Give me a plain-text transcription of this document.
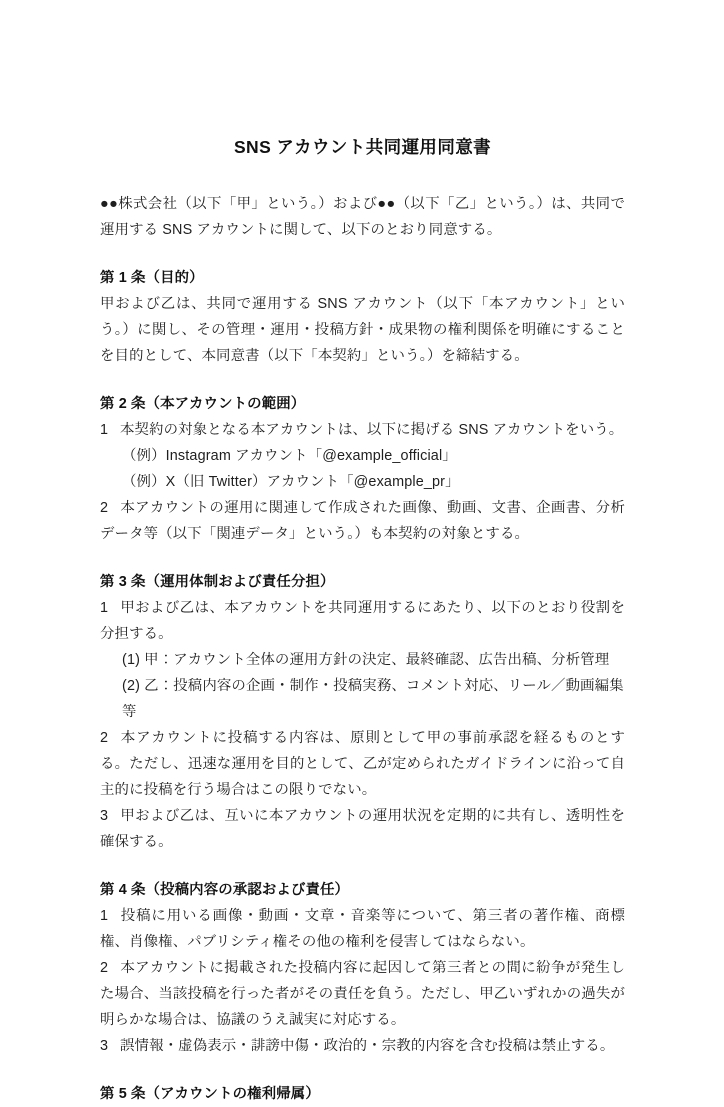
SNS アカウント共同運用同意書

●●株式会社（以下「甲」という。）および●●（以下「乙」という。）は、共同で運用する SNS アカウントに関して、以下のとおり同意する。

第 1 条（目的）

甲および乙は、共同で運用する SNS アカウント（以下「本アカウント」という。）に関し、その管理・運用・投稿方針・成果物の権利関係を明確にすることを目的として、本同意書（以下「本契約」という。）を締結する。

第 2 条（本アカウントの範囲）

1 本契約の対象となる本アカウントは、以下に掲げる SNS アカウントをいう。

（例）Instagram アカウント「@example_official」

（例）X（旧 Twitter）アカウント「@example_pr」

2 本アカウントの運用に関連して作成された画像、動画、文書、企画書、分析データ等（以下「関連データ」という。）も本契約の対象とする。

第 3 条（運用体制および責任分担）

1 甲および乙は、本アカウントを共同運用するにあたり、以下のとおり役割を分担する。

(1) 甲：アカウント全体の運用方針の決定、最終確認、広告出稿、分析管理

(2) 乙：投稿内容の企画・制作・投稿実務、コメント対応、リール／動画編集等

2 本アカウントに投稿する内容は、原則として甲の事前承認を経るものとする。ただし、迅速な運用を目的として、乙が定められたガイドラインに沿って自主的に投稿を行う場合はこの限りでない。

3 甲および乙は、互いに本アカウントの運用状況を定期的に共有し、透明性を確保する。

第 4 条（投稿内容の承認および責任）

1 投稿に用いる画像・動画・文章・音楽等について、第三者の著作権、商標権、肖像権、パブリシティ権その他の権利を侵害してはならない。

2 本アカウントに掲載された投稿内容に起因して第三者との間に紛争が発生した場合、当該投稿を行った者がその責任を負う。ただし、甲乙いずれかの過失が明らかな場合は、協議のうえ誠実に対応する。

3 誤情報・虚偽表示・誹謗中傷・政治的・宗教的内容を含む投稿は禁止する。

第 5 条（アカウントの権利帰属）
